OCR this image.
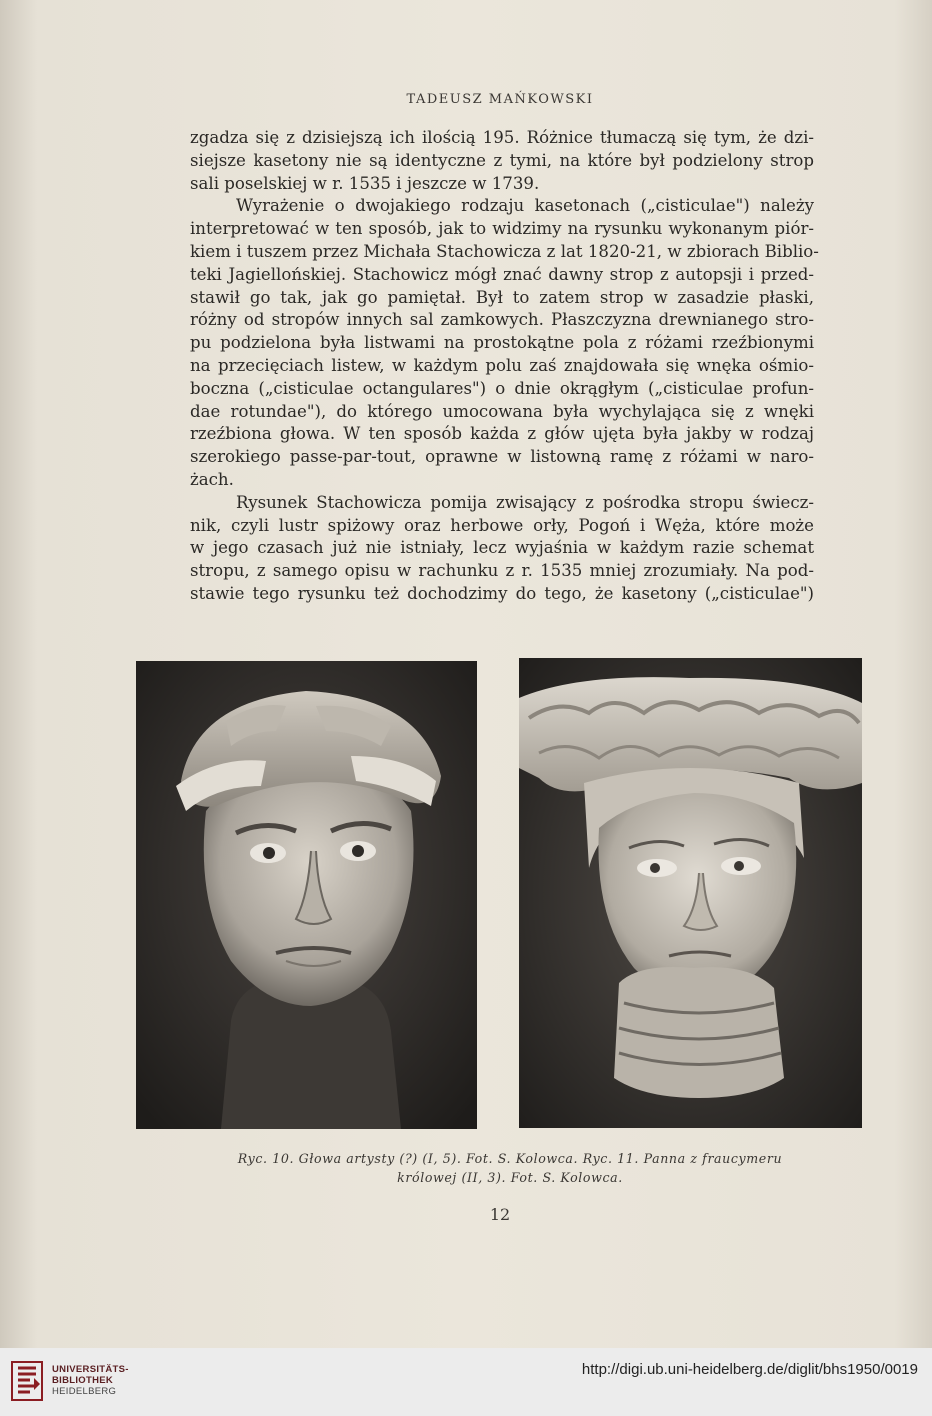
TADEUSZ MAŃKOWSKI
zgadza się z dzisiejszą ich ilością 195. Różnice tłumaczą się tym, że dzi-
siejsze kasetony nie są identyczne z tymi, na które był podzielony strop
sali poselskiej w r. 1535 i jeszcze w 1739.
Wyrażenie o dwojakiego rodzaju kasetonach („cisticulae") należy
interpretować w ten sposób, jak to widzimy na rysunku wykonanym piór-
kiem i tuszem przez Michała Stachowicza z lat 1820-21, w zbiorach Biblio-
teki Jagiellońskiej. Stachowicz mógł znać dawny strop z autopsji i przed-
stawił go tak, jak go pamiętał. Był to zatem strop w zasadzie płaski,
różny od stropów innych sal zamkowych. Płaszczyzna drewnianego stro-
pu podzielona była listwami na prostokątne pola z różami rzeźbionymi
na przecięciach listew, w każdym polu zaś znajdowała się wnęka ośmio-
boczna („cisticulae octangulares") o dnie okrągłym („cisticulae profun-
dae rotundae"), do którego umocowana była wychylająca się z wnęki
rzeźbiona głowa. W ten sposób każda z głów ujęta była jakby w rodzaj
szerokiego passe-par-tout, oprawne w listowną ramę z różami w naro-
żach.
Rysunek Stachowicza pomija zwisający z pośrodka stropu świecz-
nik, czyli lustr spiżowy oraz herbowe orły, Pogoń i Węża, które może
w jego czasach już nie istniały, lecz wyjaśnia w każdym razie schemat
stropu, z samego opisu w rachunku z r. 1535 mniej zrozumiały. Na pod-
stawie tego rysunku też dochodzimy do tego, że kasetony („cisticulae")
Ryc. 10. Głowa artysty (?) (I, 5). Fot. S. Kolowca. Ryc. 11. Panna z fraucymeru
królowej (II, 3). Fot. S. Kolowca.
12
UNIVERSITÄTS-
BIBLIOTHEK
HEIDELBERG
http://digi.ub.uni-heidelberg.de/diglit/bhs1950/0019
